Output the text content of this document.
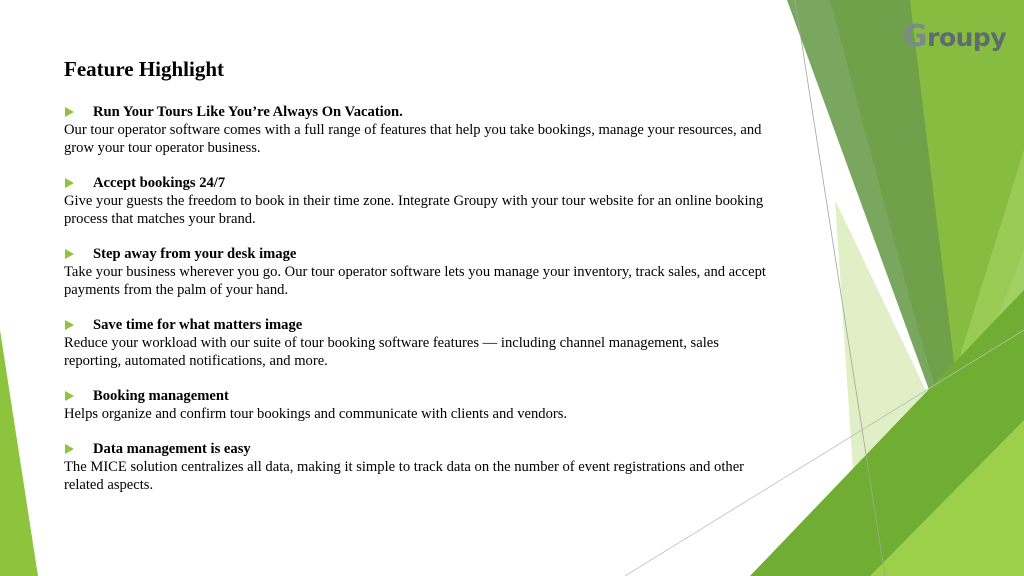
Groupy
Feature Highlight
Run Your Tours Like You’re Always On Vacation.

Our tour operator software comes with a full range of features that help you take bookings, manage your resources, and grow your tour operator business.

Accept bookings 24/7

Give your guests the freedom to book in their time zone. Integrate Groupy with your tour website for an online booking process that matches your brand.

Step away from your desk image

Take your business wherever you go. Our tour operator software lets you manage your inventory, track sales, and accept payments from the palm of your hand.

Save time for what matters image

Reduce your workload with our suite of tour booking software features — including channel management, sales reporting, automated notifications, and more.

Booking management

Helps organize and confirm tour bookings and communicate with clients and vendors.

Data management is easy

The MICE solution centralizes all data, making it simple to track data on the number of event registrations and other related aspects.
